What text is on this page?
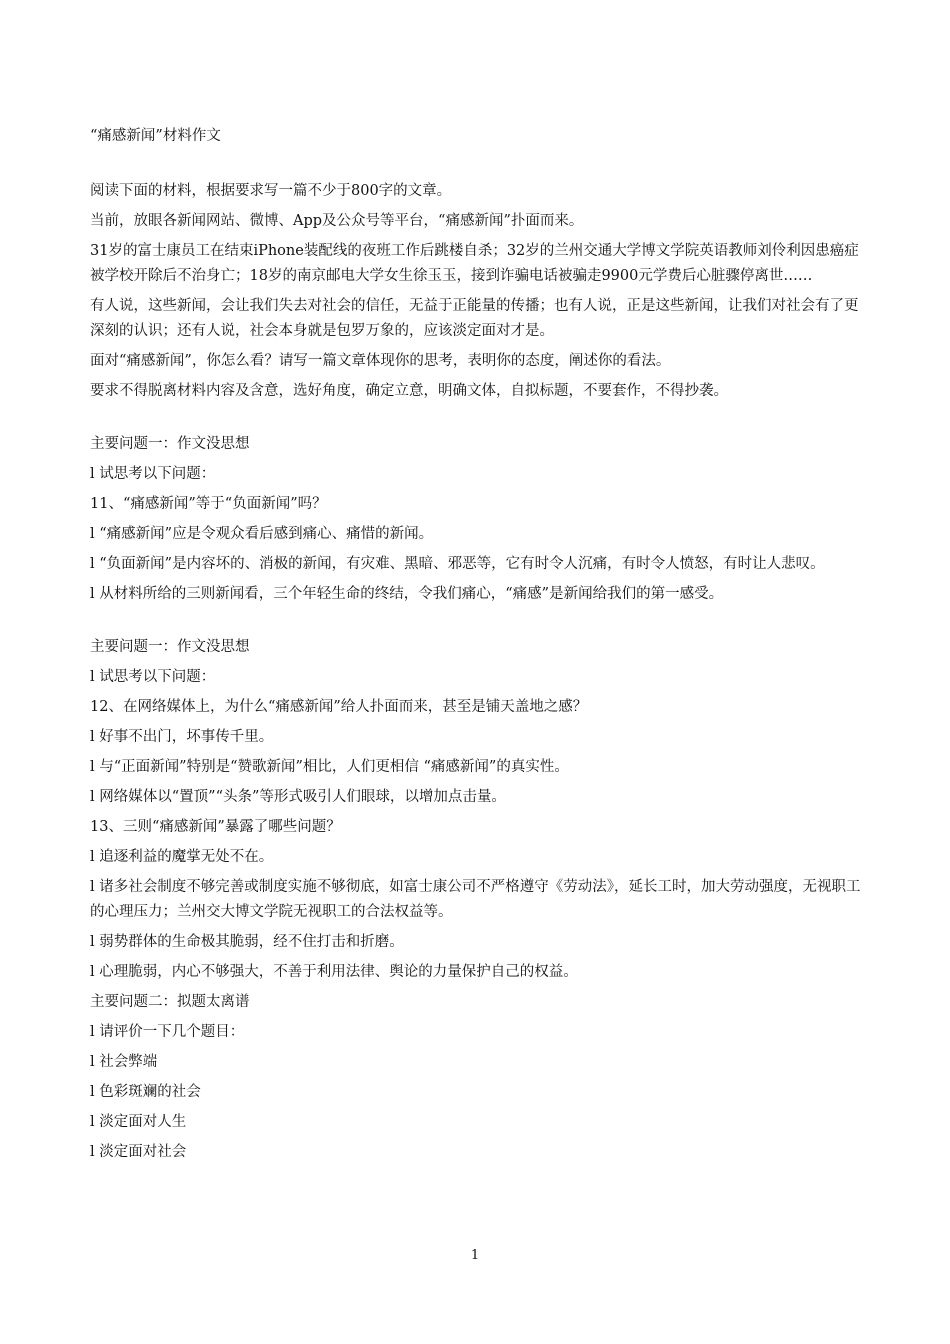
“痛感新闻”材料作文

阅读下面的材料，根据要求写一篇不少于800字的文章。

当前，放眼各新闻网站、微博、App及公众号等平台，“痛感新闻”扑面而来。

31岁的富士康员工在结束iPhone装配线的夜班工作后跳楼自杀；32岁的兰州交通大学博文学院英语教师刘伶利因患癌症被学校开除后不治身亡；18岁的南京邮电大学女生徐玉玉，接到诈骗电话被骗走9900元学费后心脏骤停离世……

有人说，这些新闻，会让我们失去对社会的信任，无益于正能量的传播；也有人说，正是这些新闻，让我们对社会有了更深刻的认识；还有人说，社会本身就是包罗万象的，应该淡定面对才是。

面对“痛感新闻”，你怎么看？请写一篇文章体现你的思考，表明你的态度，阐述你的看法。

要求不得脱离材料内容及含意，选好角度，确定立意，明确文体，自拟标题，不要套作，不得抄袭。

主要问题一：作文没思想

l 试思考以下问题：

11、“痛感新闻”等于“负面新闻”吗？

l “痛感新闻”应是令观众看后感到痛心、痛惜的新闻。

l “负面新闻”是内容坏的、消极的新闻，有灾难、黑暗、邪恶等，它有时令人沉痛，有时令人愤怒，有时让人悲叹。

l 从材料所给的三则新闻看，三个年轻生命的终结，令我们痛心，“痛感”是新闻给我们的第一感受。

主要问题一：作文没思想

l 试思考以下问题：

12、在网络媒体上，为什么“痛感新闻”给人扑面而来，甚至是铺天盖地之感？

l 好事不出门，坏事传千里。

l 与“正面新闻”特别是“赞歌新闻”相比，人们更相信 “痛感新闻”的真实性。

l 网络媒体以“置顶”“头条”等形式吸引人们眼球，以增加点击量。

13、三则“痛感新闻”暴露了哪些问题？

l 追逐利益的魔掌无处不在。

l 诸多社会制度不够完善或制度实施不够彻底，如富士康公司不严格遵守《劳动法》，延长工时，加大劳动强度，无视职工的心理压力；兰州交大博文学院无视职工的合法权益等。

l 弱势群体的生命极其脆弱，经不住打击和折磨。

l 心理脆弱，内心不够强大，不善于利用法律、舆论的力量保护自己的权益。

主要问题二：拟题太离谱

l 请评价一下几个题目：

l 社会弊端

l 色彩斑斓的社会

l 淡定面对人生

l 淡定面对社会

1
